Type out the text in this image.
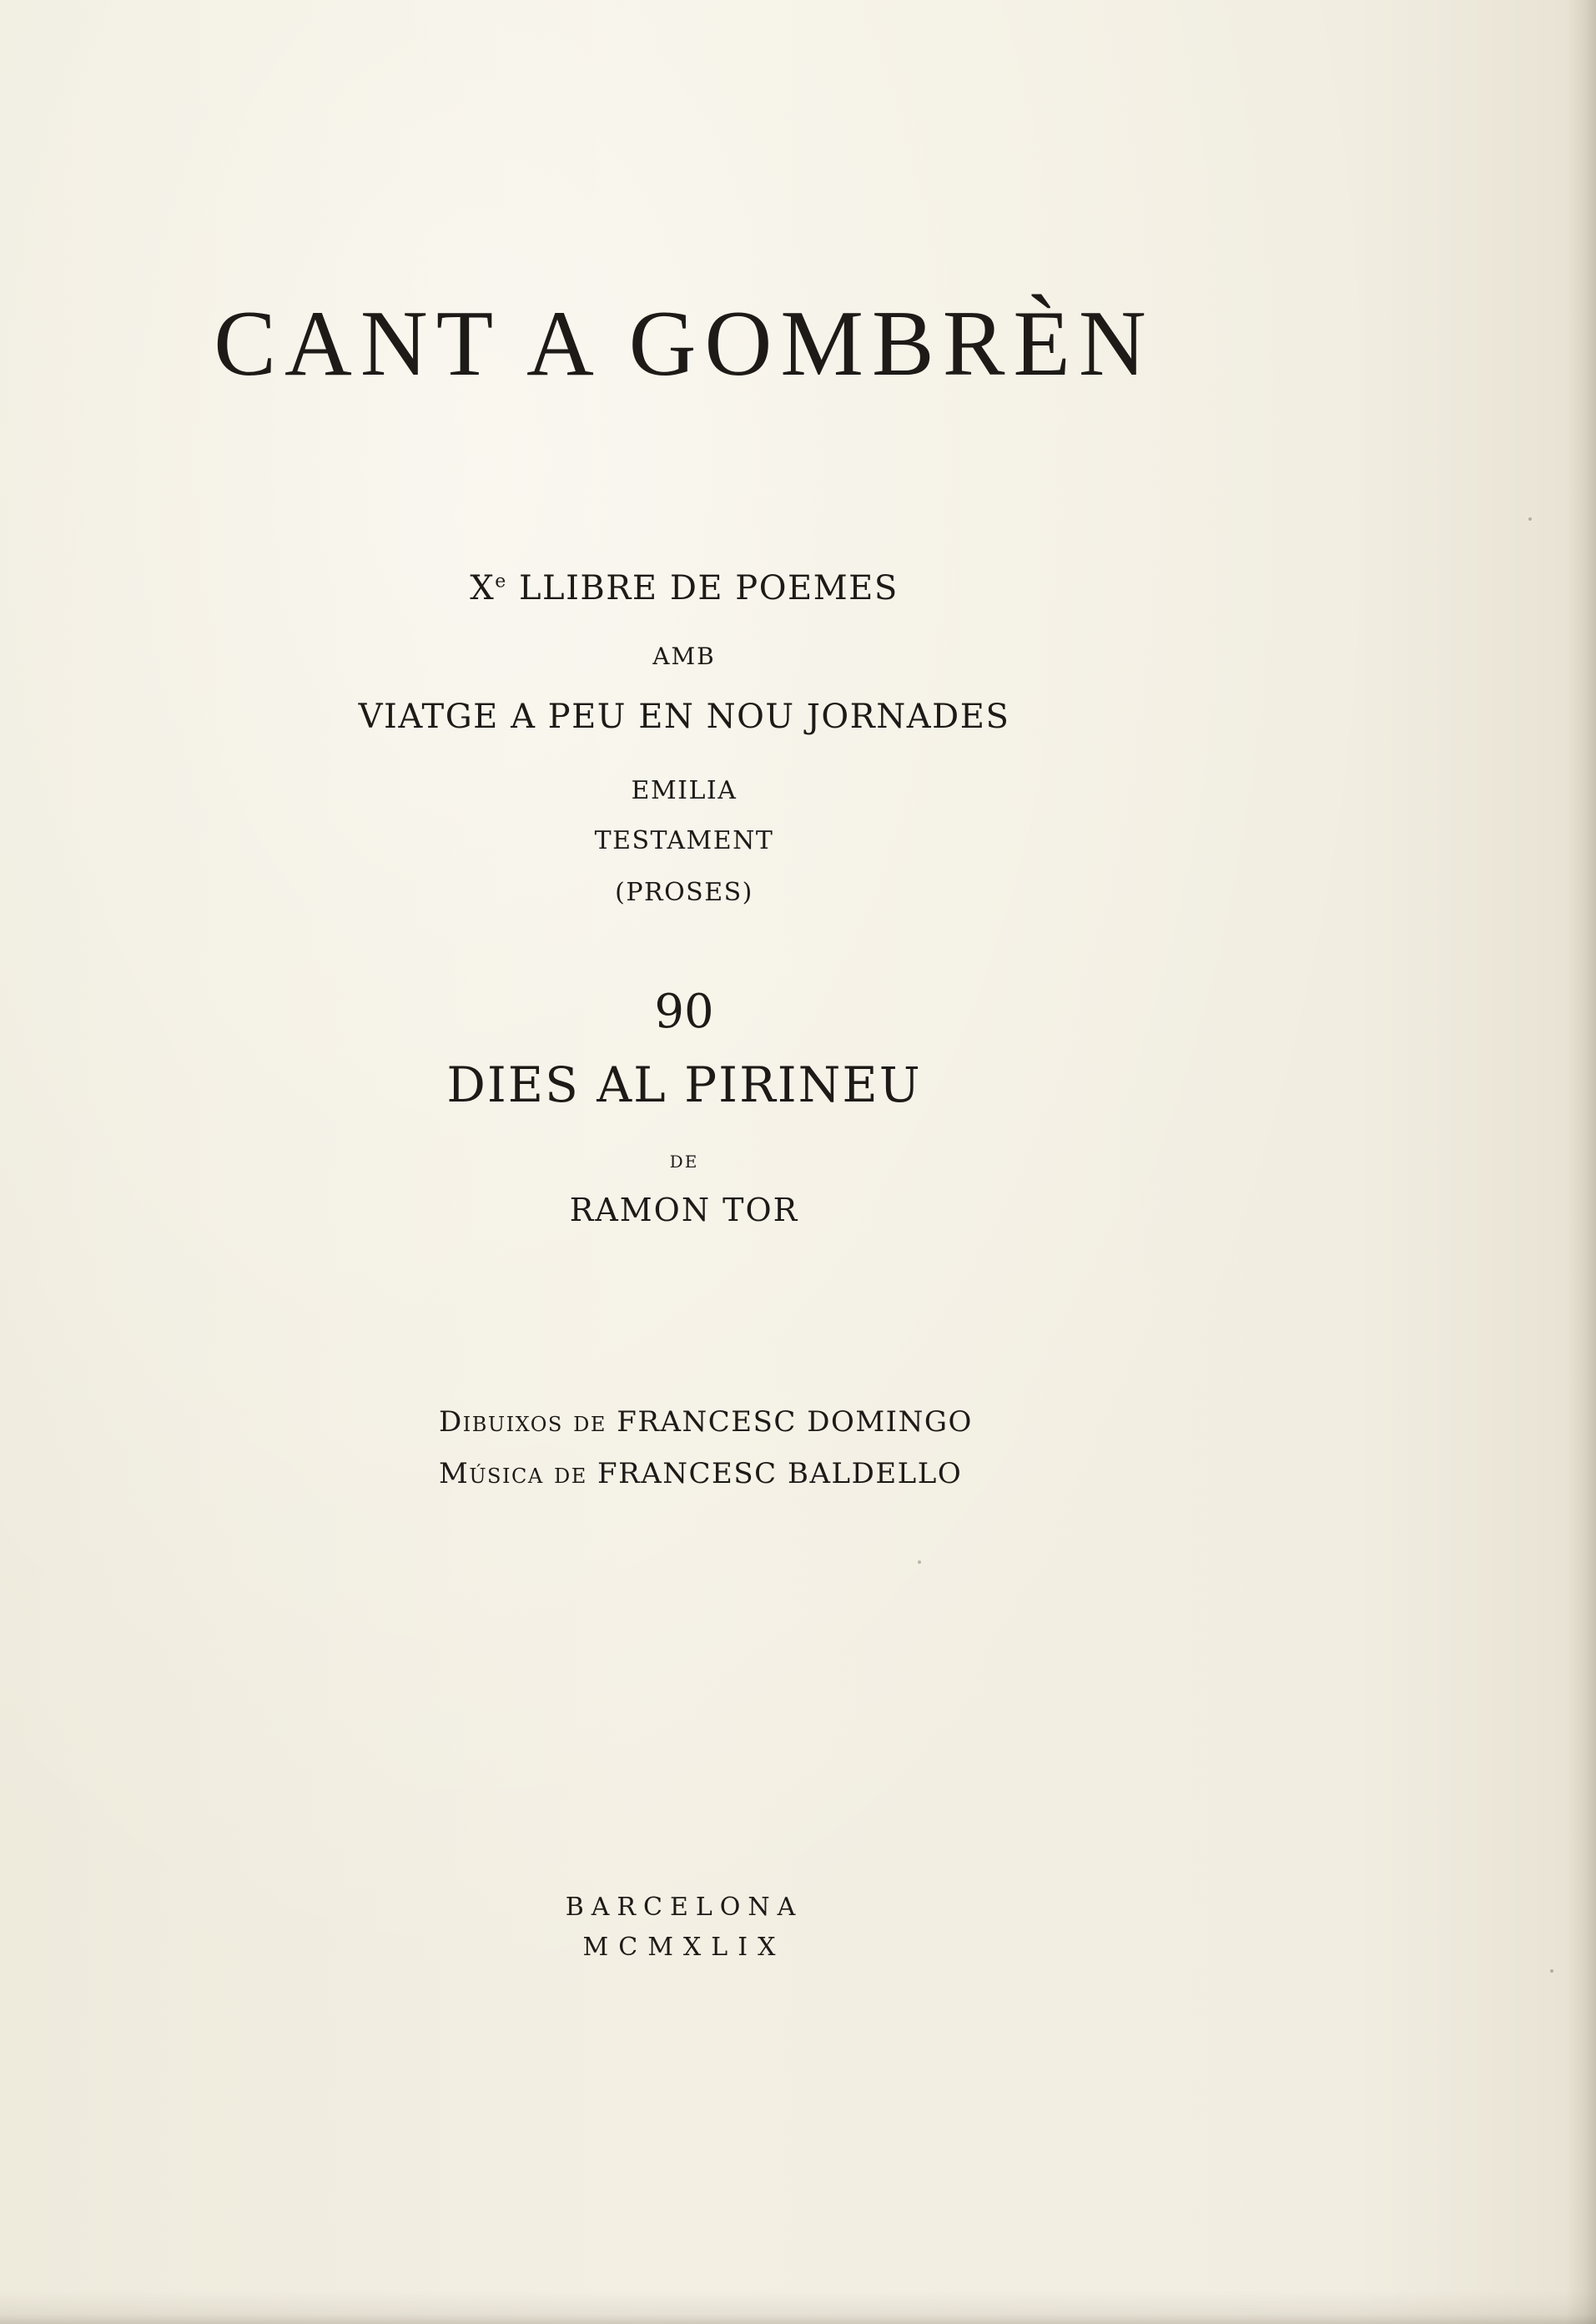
CANT A GOMBRÈN

Xe LLIBRE DE POEMES

AMB

VIATGE A PEU EN NOU JORNADES

EMILIA

TESTAMENT

(PROSES)

90

DIES AL PIRINEU

DE

RAMON TOR

Dibuixos de FRANCESC DOMINGO

Música de FRANCESC BALDELLO

BARCELONA

MCMXLIX
